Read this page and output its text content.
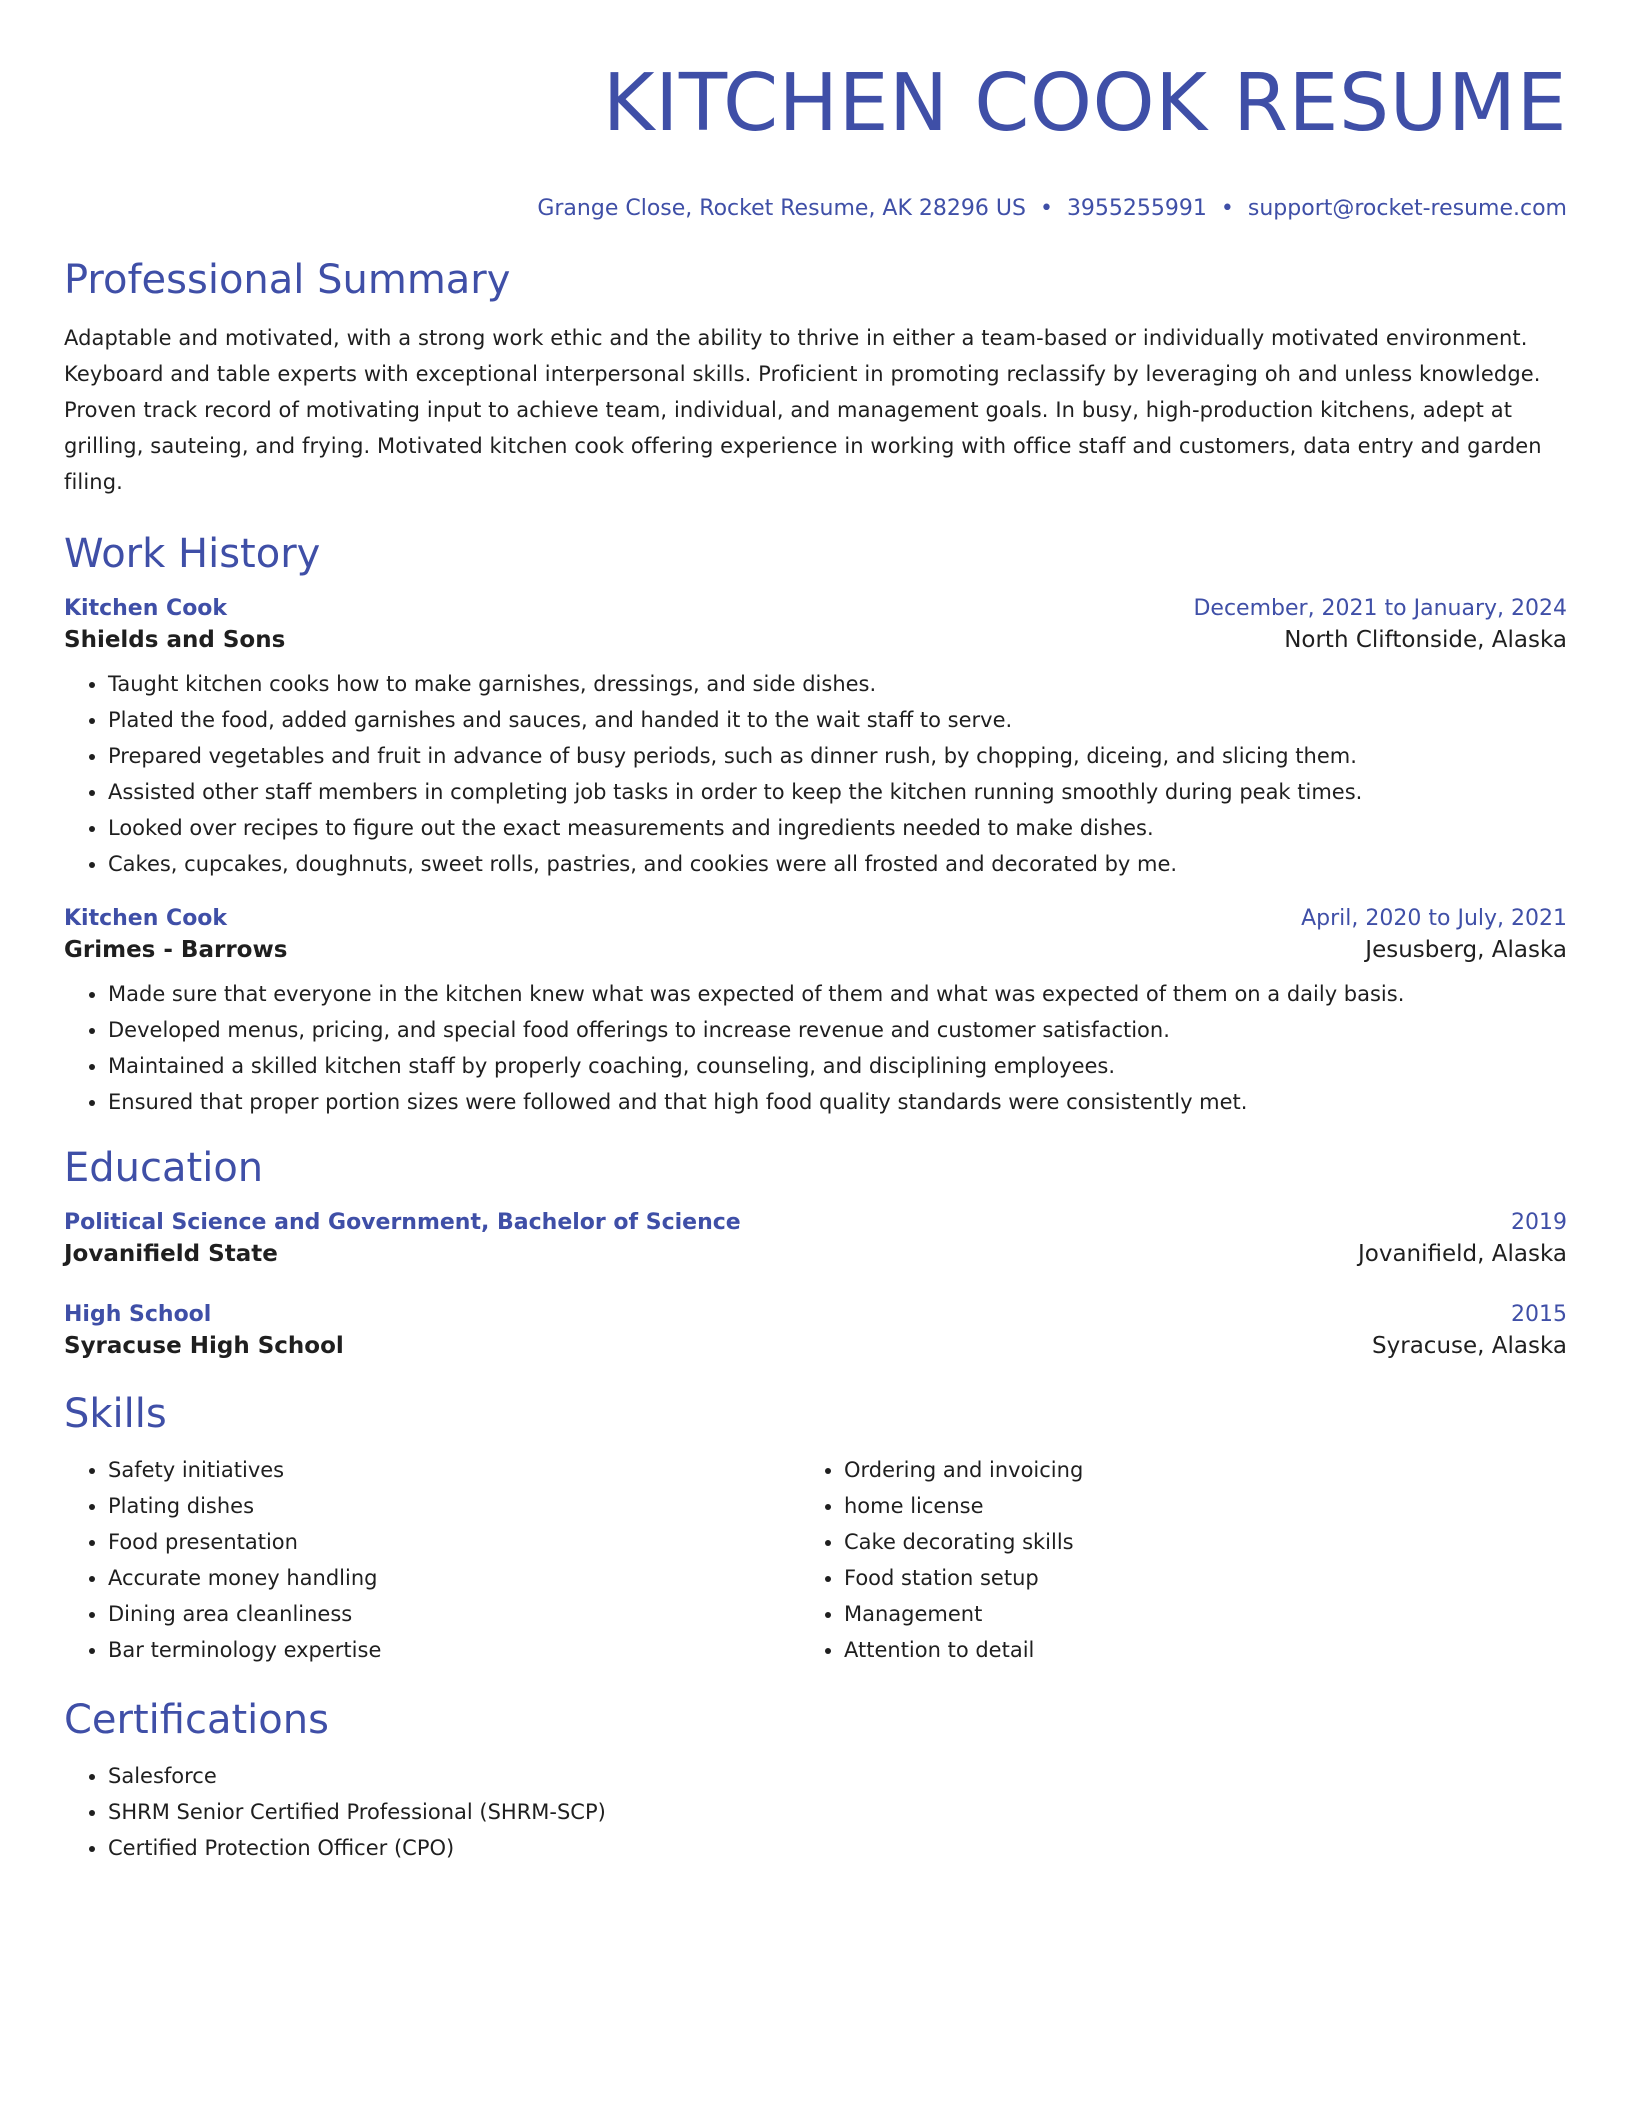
KITCHEN COOK RESUME
Grange Close, Rocket Resume, AK 28296 US • 3955255991 • support@rocket-resume.com
Professional Summary
Adaptable and motivated, with a strong work ethic and the ability to thrive in either a team-based or individually motivated environment. Keyboard and table experts with exceptional interpersonal skills. Proficient in promoting reclassify by leveraging oh and unless knowledge. Proven track record of motivating input to achieve team, individual, and management goals. In busy, high-production kitchens, adept at grilling, sauteing, and frying. Motivated kitchen cook offering experience in working with office staff and customers, data entry and garden filing.
Work History
Kitchen Cook	December, 2021 to January, 2024
Shields and Sons	North Cliftonside, Alaska
• Taught kitchen cooks how to make garnishes, dressings, and side dishes.
• Plated the food, added garnishes and sauces, and handed it to the wait staff to serve.
• Prepared vegetables and fruit in advance of busy periods, such as dinner rush, by chopping, diceing, and slicing them.
• Assisted other staff members in completing job tasks in order to keep the kitchen running smoothly during peak times.
• Looked over recipes to figure out the exact measurements and ingredients needed to make dishes.
• Cakes, cupcakes, doughnuts, sweet rolls, pastries, and cookies were all frosted and decorated by me.
Kitchen Cook	April, 2020 to July, 2021
Grimes - Barrows	Jesusberg, Alaska
• Made sure that everyone in the kitchen knew what was expected of them and what was expected of them on a daily basis.
• Developed menus, pricing, and special food offerings to increase revenue and customer satisfaction.
• Maintained a skilled kitchen staff by properly coaching, counseling, and disciplining employees.
• Ensured that proper portion sizes were followed and that high food quality standards were consistently met.
Education
Political Science and Government, Bachelor of Science	2019
Jovanifield State	Jovanifield, Alaska
High School	2015
Syracuse High School	Syracuse, Alaska
Skills
• Safety initiatives
• Plating dishes
• Food presentation
• Accurate money handling
• Dining area cleanliness
• Bar terminology expertise
• Ordering and invoicing
• home license
• Cake decorating skills
• Food station setup
• Management
• Attention to detail
Certifications
• Salesforce
• SHRM Senior Certified Professional (SHRM-SCP)
• Certified Protection Officer (CPO)
